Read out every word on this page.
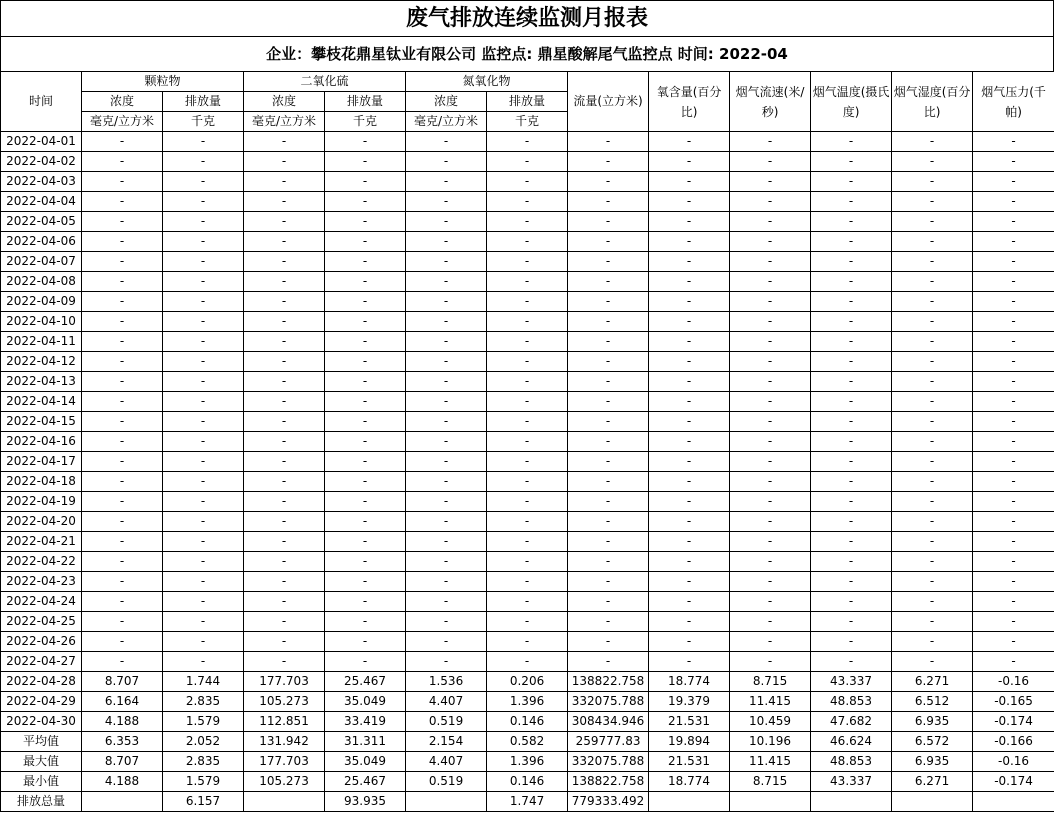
废气排放连续监测月报表
企业：攀枝花鼎星钛业有限公司 监控点: 鼎星酸解尾气监控点 时间: 2022-04
时间	颗粒物		二氧化硫		氮氧化物		流量(立方米)	氧含量(百分比)	烟气流速(米/秒)	烟气温度(摄氏度)	烟气湿度(百分比)	烟气压力(千帕)
	浓度	排放量	浓度	排放量	浓度	排放量						
	毫克/立方米	千克	毫克/立方米	千克	毫克/立方米	千克						
2022-04-01	-	-	-	-	-	-	-	-	-	-	-	-
2022-04-02	-	-	-	-	-	-	-	-	-	-	-	-
2022-04-03	-	-	-	-	-	-	-	-	-	-	-	-
2022-04-04	-	-	-	-	-	-	-	-	-	-	-	-
2022-04-05	-	-	-	-	-	-	-	-	-	-	-	-
2022-04-06	-	-	-	-	-	-	-	-	-	-	-	-
2022-04-07	-	-	-	-	-	-	-	-	-	-	-	-
2022-04-08	-	-	-	-	-	-	-	-	-	-	-	-
2022-04-09	-	-	-	-	-	-	-	-	-	-	-	-
2022-04-10	-	-	-	-	-	-	-	-	-	-	-	-
2022-04-11	-	-	-	-	-	-	-	-	-	-	-	-
2022-04-12	-	-	-	-	-	-	-	-	-	-	-	-
2022-04-13	-	-	-	-	-	-	-	-	-	-	-	-
2022-04-14	-	-	-	-	-	-	-	-	-	-	-	-
2022-04-15	-	-	-	-	-	-	-	-	-	-	-	-
2022-04-16	-	-	-	-	-	-	-	-	-	-	-	-
2022-04-17	-	-	-	-	-	-	-	-	-	-	-	-
2022-04-18	-	-	-	-	-	-	-	-	-	-	-	-
2022-04-19	-	-	-	-	-	-	-	-	-	-	-	-
2022-04-20	-	-	-	-	-	-	-	-	-	-	-	-
2022-04-21	-	-	-	-	-	-	-	-	-	-	-	-
2022-04-22	-	-	-	-	-	-	-	-	-	-	-	-
2022-04-23	-	-	-	-	-	-	-	-	-	-	-	-
2022-04-24	-	-	-	-	-	-	-	-	-	-	-	-
2022-04-25	-	-	-	-	-	-	-	-	-	-	-	-
2022-04-26	-	-	-	-	-	-	-	-	-	-	-	-
2022-04-27	-	-	-	-	-	-	-	-	-	-	-	-
2022-04-28	8.707	1.744	177.703	25.467	1.536	0.206	138822.758	18.774	8.715	43.337	6.271	-0.16
2022-04-29	6.164	2.835	105.273	35.049	4.407	1.396	332075.788	19.379	11.415	48.853	6.512	-0.165
2022-04-30	4.188	1.579	112.851	33.419	0.519	0.146	308434.946	21.531	10.459	47.682	6.935	-0.174
平均值	6.353	2.052	131.942	31.311	2.154	0.582	259777.83	19.894	10.196	46.624	6.572	-0.166
最大值	8.707	2.835	177.703	35.049	4.407	1.396	332075.788	21.531	11.415	48.853	6.935	-0.16
最小值	4.188	1.579	105.273	25.467	0.519	0.146	138822.758	18.774	8.715	43.337	6.271	-0.174
排放总量		6.157		93.935		1.747	779333.492					
